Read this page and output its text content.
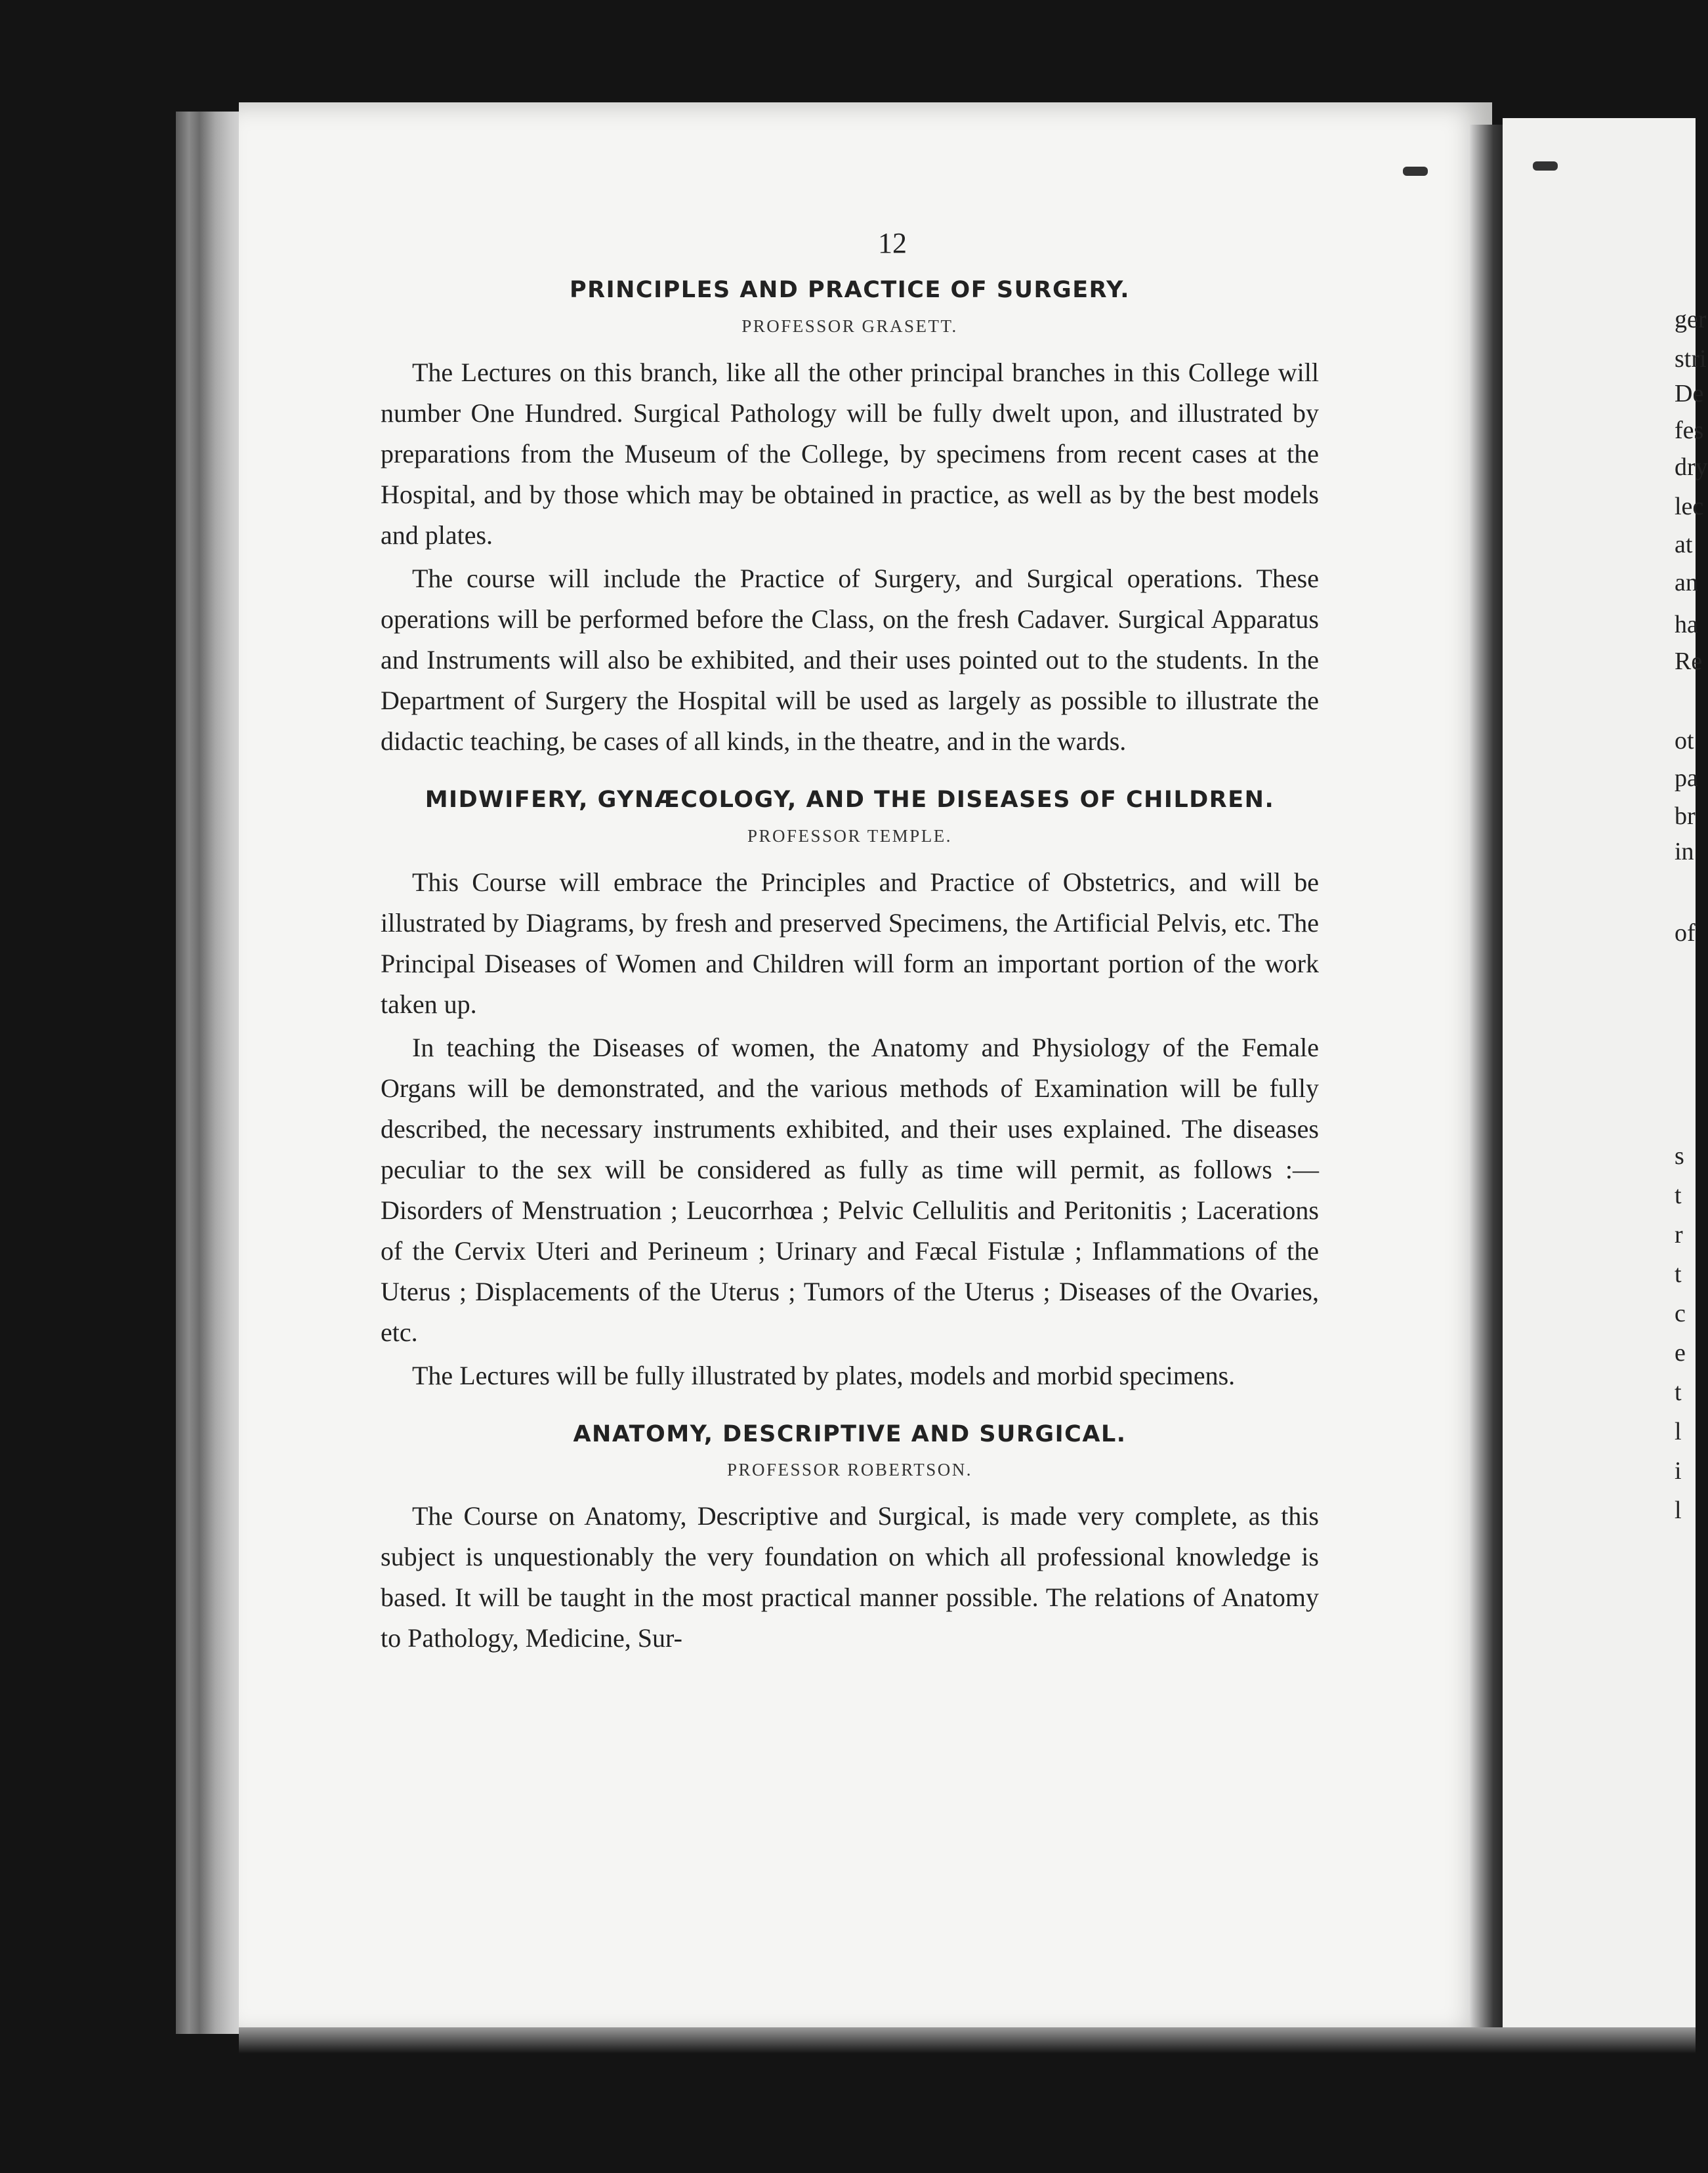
12
PRINCIPLES AND PRACTICE OF SURGERY.
PROFESSOR GRASETT.

The Lectures on this branch, like all the other principal branches in this College will number One Hundred. Surgical Pathology will be fully dwelt upon, and illustrated by preparations from the Museum of the College, by specimens from recent cases at the Hospital, and by those which may be obtained in practice, as well as by the best models and plates.

The course will include the Practice of Surgery, and Surgical operations. These operations will be performed before the Class, on the fresh Cadaver. Surgical Apparatus and Instruments will also be exhibited, and their uses pointed out to the students. In the Department of Surgery the Hospital will be used as largely as possible to illustrate the didactic teaching, be cases of all kinds, in the theatre, and in the wards.

MIDWIFERY, GYNÆCOLOGY, AND THE DISEASES OF CHILDREN.
PROFESSOR TEMPLE.

This Course will embrace the Principles and Practice of Obstetrics, and will be illustrated by Diagrams, by fresh and preserved Specimens, the Artificial Pelvis, etc. The Principal Diseases of Women and Children will form an important portion of the work taken up.

In teaching the Diseases of women, the Anatomy and Physiology of the Female Organs will be demonstrated, and the various methods of Examination will be fully described, the necessary instruments exhibited, and their uses explained. The diseases peculiar to the sex will be considered as fully as time will permit, as follows :—Disorders of Menstruation ; Leucorrhœa ; Pelvic Cellulitis and Peritonitis ; Lacerations of the Cervix Uteri and Perineum ; Urinary and Fæcal Fistulæ ; Inflammations of the Uterus ; Displacements of the Uterus ; Tumors of the Uterus ; Diseases of the Ovaries, etc.

The Lectures will be fully illustrated by plates, models and morbid specimens.

ANATOMY, DESCRIPTIVE AND SURGICAL.
PROFESSOR ROBERTSON.

The Course on Anatomy, Descriptive and Surgical, is made very complete, as this subject is unquestionably the very foundation on which all professional knowledge is based. It will be taught in the most practical manner possible. The relations of Anatomy to Pathology, Medicine, Sur-

ger
stri
De
fes
dry
lec
at
an
ha
Re
ot
pa
br
in
of
s
t
r
t
c
e
t
l
i
l
